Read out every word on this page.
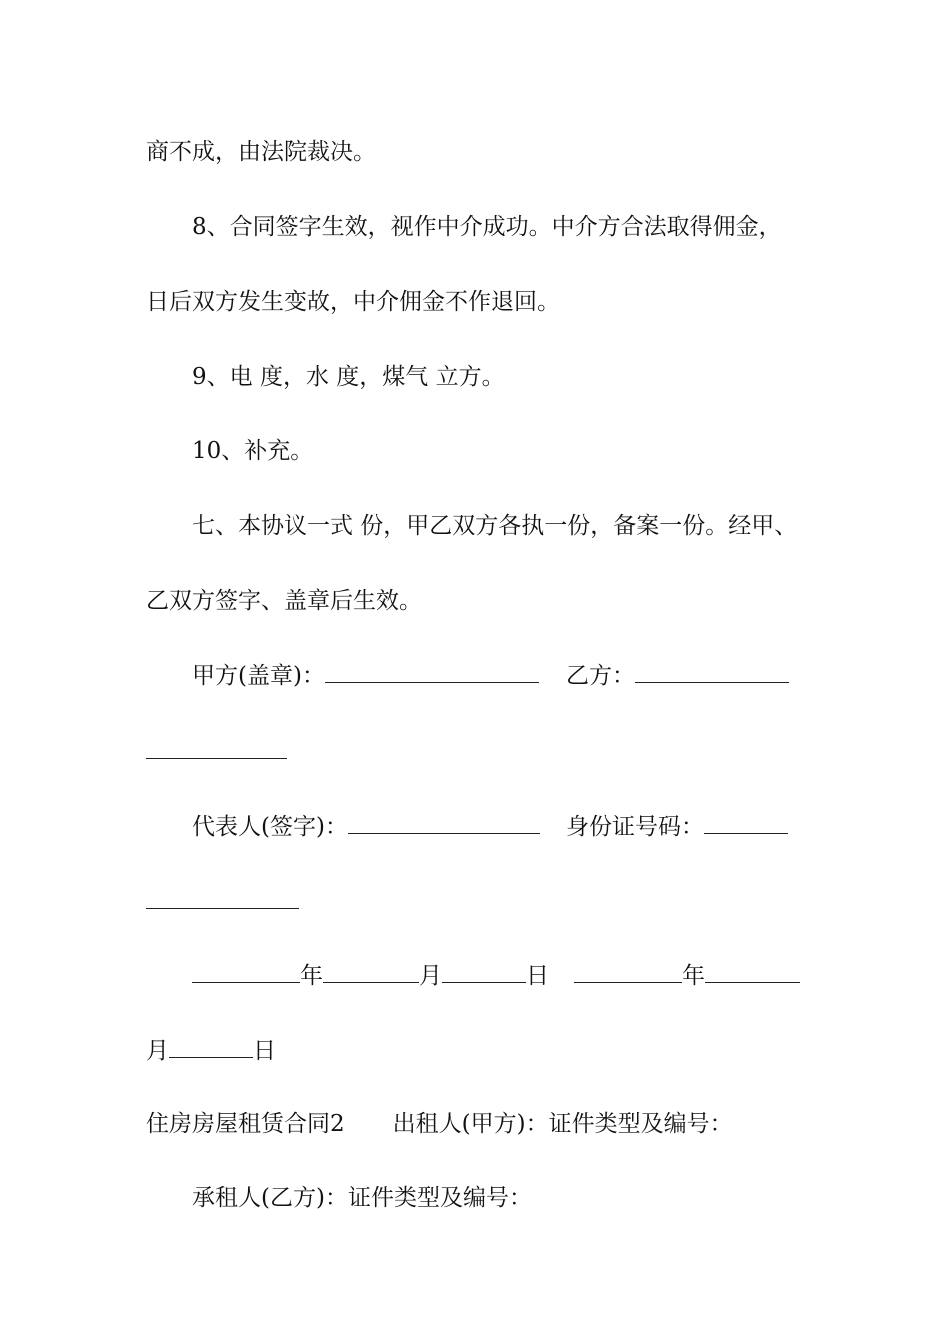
商不成，由法院裁决。
8、合同签字生效，视作中介成功。中介方合法取得佣金，
日后双方发生变故，中介佣金不作退回。
9、电 度，水 度，煤气 立方。
10、补充。
七、本协议一式 份，甲乙双方各执一份，备案一份。经甲、
乙双方签字、盖章后生效。
甲方(盖章)：	乙方：
代表人(签字)：	身份证号码：
年	月	日	年
月	日
住房房屋租赁合同2 出租人(甲方)：证件类型及编号：
承租人(乙方)：证件类型及编号：
